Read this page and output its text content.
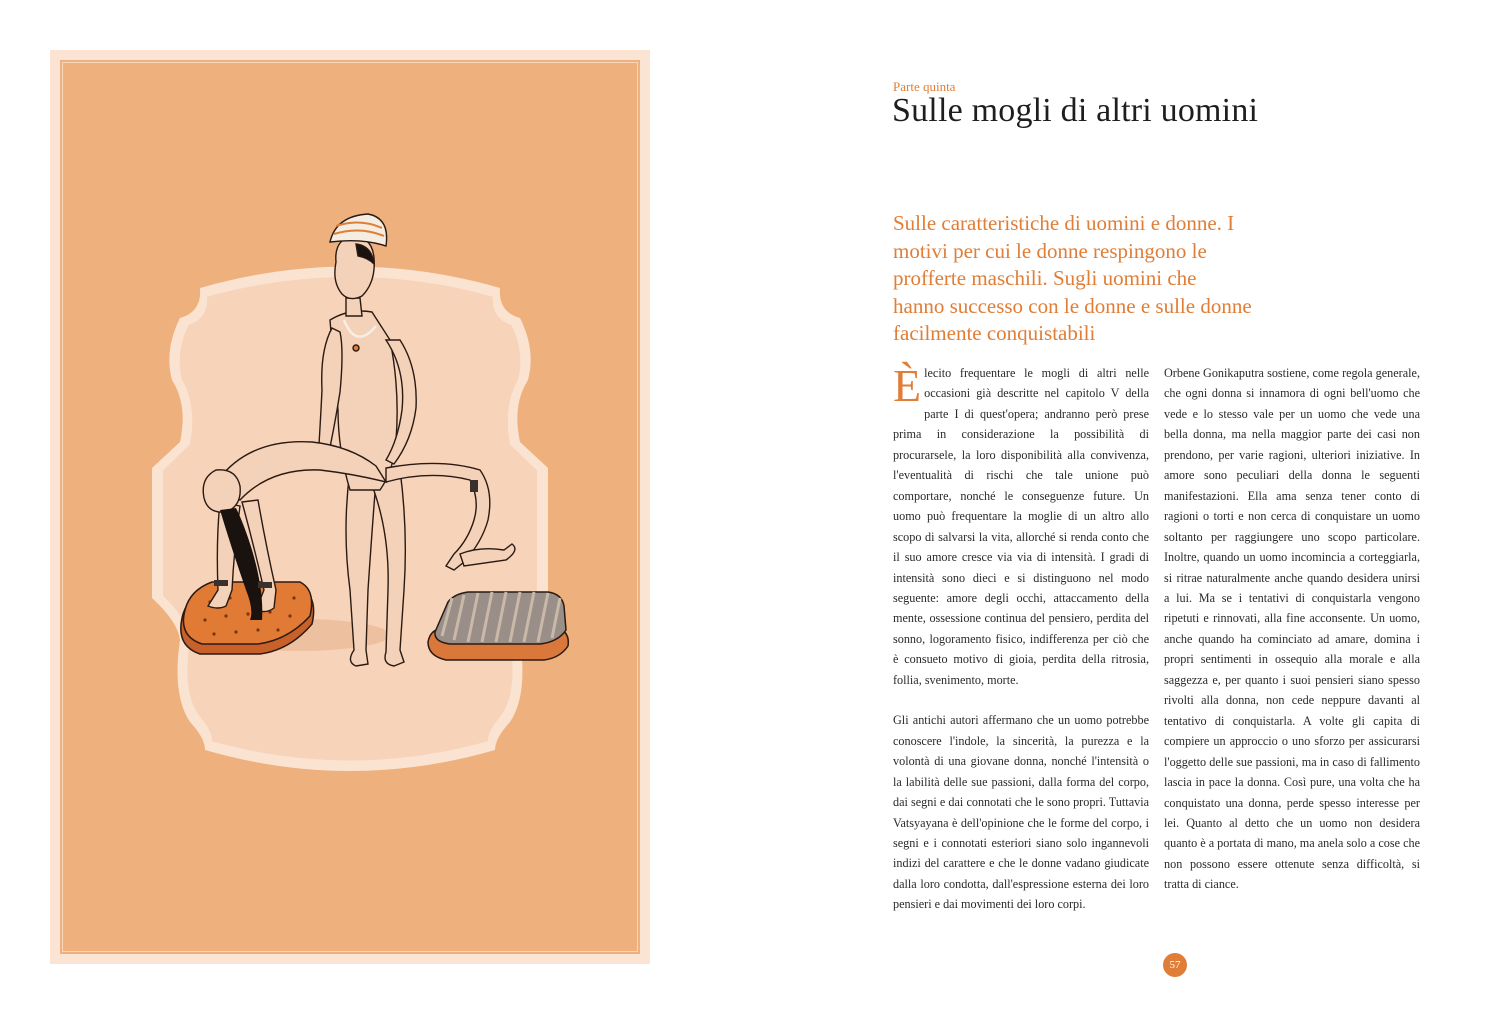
Parte quinta
Sulle mogli di altri uomini
Sulle caratteristiche di uomini e donne. I motivi per cui le donne respingono le profferte maschili. Sugli uomini che hanno successo con le donne e sulle donne facilmente conquistabili

Èlecito frequentare le mogli di altri nelle occasioni già descritte nel capitolo V della parte I di quest'opera; andranno però prese prima in considerazione la possibilità di procurarsele, la loro disponibilità alla convivenza, l'eventualità di rischi che tale unione può comportare, nonché le conseguenze future. Un uomo può frequentare la moglie di un altro allo scopo di salvarsi la vita, allorché si renda conto che il suo amore cresce via via di intensità. I gradi di intensità sono dieci e si distinguono nel modo seguente: amore degli occhi, attaccamento della mente, ossessione continua del pensiero, perdita del sonno, logoramento fisico, indifferenza per ciò che è consueto motivo di gioia, perdita della ritrosia, follia, svenimento, morte.

Gli antichi autori affermano che un uomo potrebbe conoscere l'indole, la sincerità, la purezza e la volontà di una giovane donna, nonché l'intensità o la labilità delle sue passioni, dalla forma del corpo, dai segni e dai connotati che le sono propri. Tuttavia Vatsyayana è dell'opinione che le forme del corpo, i segni e i connotati esteriori siano solo ingannevoli indizi del carattere e che le donne vadano giudicate dalla loro condotta, dall'espressione esterna dei loro pensieri e dai movimenti dei loro corpi.

Orbene Gonikaputra sostiene, come regola generale, che ogni donna si innamora di ogni bell'uomo che vede e lo stesso vale per un uomo che vede una bella donna, ma nella maggior parte dei casi non prendono, per varie ragioni, ulteriori iniziative. In amore sono peculiari della donna le seguenti manifestazioni. Ella ama senza tener conto di ragioni o torti e non cerca di conquistare un uomo soltanto per raggiungere uno scopo particolare. Inoltre, quando un uomo incomincia a corteggiarla, si ritrae naturalmente anche quando desidera unirsi a lui. Ma se i tentativi di conquistarla vengono ripetuti e rinnovati, alla fine acconsente. Un uomo, anche quando ha cominciato ad amare, domina i propri sentimenti in ossequio alla morale e alla saggezza e, per quanto i suoi pensieri siano spesso rivolti alla donna, non cede neppure davanti al tentativo di conquistarla. A volte gli capita di compiere un approccio o uno sforzo per assicurarsi l'oggetto delle sue passioni, ma in caso di fallimento lascia in pace la donna. Così pure, una volta che ha conquistato una donna, perde spesso interesse per lei. Quanto al detto che un uomo non desidera quanto è a portata di mano, ma anela solo a cose che non possono essere ottenute senza difficoltà, si tratta di ciance.

57
